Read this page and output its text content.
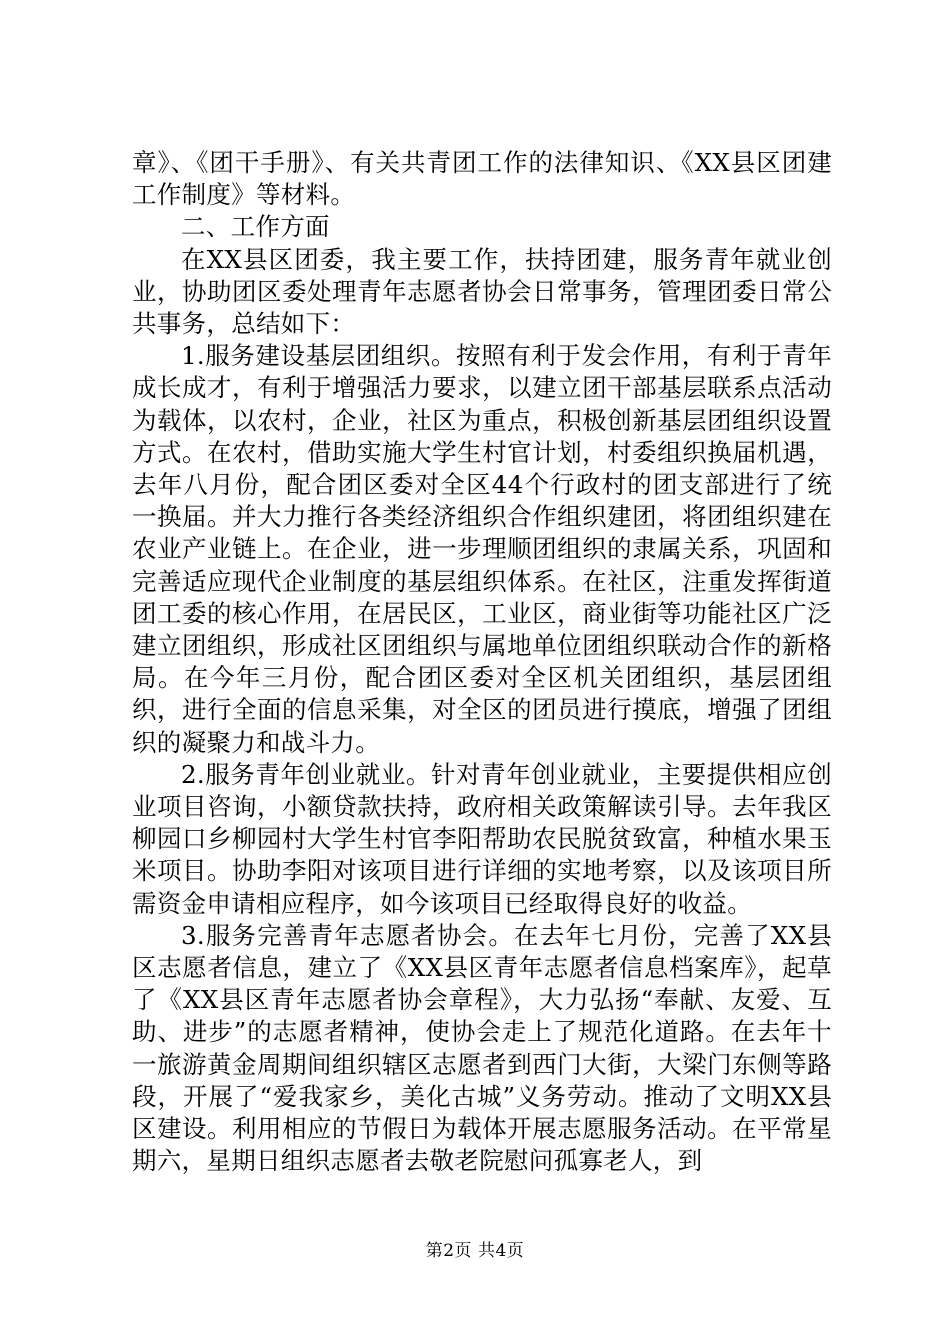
章》、《团干手册》、有关共青团工作的法律知识、《XX县区团建工作制度》等材料。

二、工作方面

在XX县区团委，我主要工作，扶持团建，服务青年就业创业，协助团区委处理青年志愿者协会日常事务，管理团委日常公共事务，总结如下：

1.服务建设基层团组织。按照有利于发会作用，有利于青年成长成才，有利于增强活力要求，以建立团干部基层联系点活动为载体，以农村，企业，社区为重点，积极创新基层团组织设置方式。在农村，借助实施大学生村官计划，村委组织换届机遇，去年八月份，配合团区委对全区44个行政村的团支部进行了统一换届。并大力推行各类经济组织合作组织建团，将团组织建在农业产业链上。在企业，进一步理顺团组织的隶属关系，巩固和完善适应现代企业制度的基层组织体系。在社区，注重发挥街道团工委的核心作用，在居民区，工业区，商业街等功能社区广泛建立团组织，形成社区团组织与属地单位团组织联动合作的新格局。在今年三月份，配合团区委对全区机关团组织，基层团组织，进行全面的信息采集，对全区的团员进行摸底，增强了团组织的凝聚力和战斗力。

2.服务青年创业就业。针对青年创业就业，主要提供相应创业项目咨询，小额贷款扶持，政府相关政策解读引导。去年我区柳园口乡柳园村大学生村官李阳帮助农民脱贫致富，种植水果玉米项目。协助李阳对该项目进行详细的实地考察，以及该项目所需资金申请相应程序，如今该项目已经取得良好的收益。

3.服务完善青年志愿者协会。在去年七月份，完善了XX县区志愿者信息，建立了《XX县区青年志愿者信息档案库》，起草了《XX县区青年志愿者协会章程》，大力弘扬“奉献、友爱、互助、进步”的志愿者精神，使协会走上了规范化道路。在去年十一旅游黄金周期间组织辖区志愿者到西门大街，大梁门东侧等路段，开展了“爱我家乡，美化古城”义务劳动。推动了文明XX县区建设。利用相应的节假日为载体开展志愿服务活动。在平常星期六，星期日组织志愿者去敬老院慰问孤寡老人，到

第2页 共4页
